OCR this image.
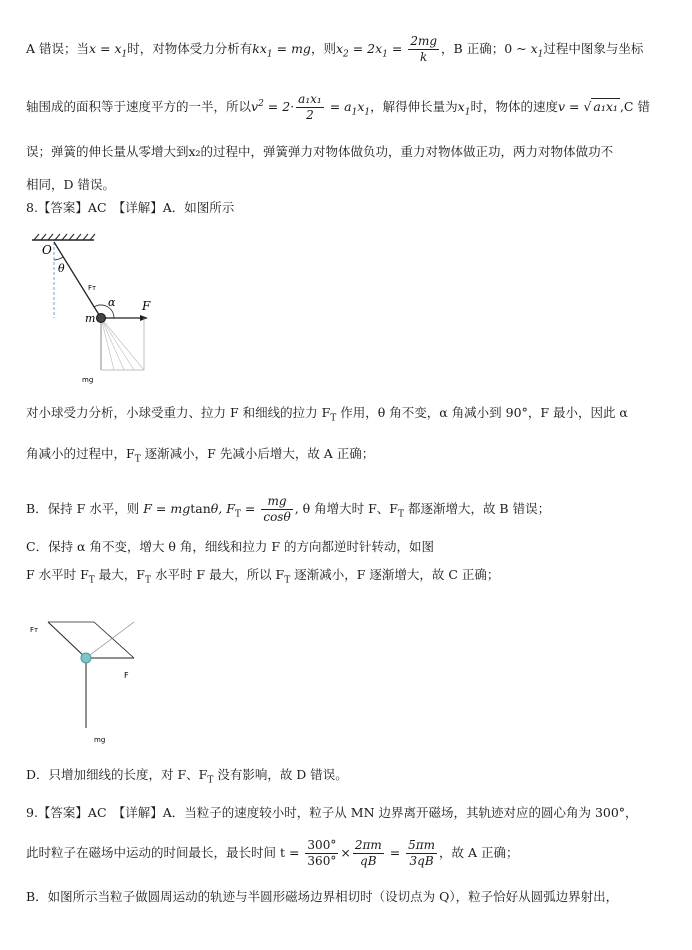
A 错误；当$x = x_1$时，对物体受力分析有$kx_1$ = mg，则$x_2 = 2x_1 = \frac{2mg}{k}$ ，B 正确；0 ~ $x_1$过程中图象与坐标
轴围成的面积等于速度平方的一半，所以$v^2 = 2\cdot \frac{\text{a₁x₁}}{2} = a_1x_1$，解得伸长量为$x_1$时，物体的速度v = √ a₁x₁ ,C 错
误；弹簧的伸长量从零增大到x₂的过程中，弹簧弹力对物体做负功，重力对物体做正功，两力对物体做功不
相同，D 错误。
8.【答案】AC　【详解】A．如图所示
O
θ
Fᴛ
α F
m
mg
对小球受力分析，小球受重力、拉力 F 和细线的拉力 $F_T$ 作用，θ 角不变，α 角减小到 90°，F 最小，因此 α
角减小的过程中，$F_T$ 逐渐减小，F 先减小后增大，故 A 正确；
B．保持 F 水平，则 F = mgtanθ, $F_T = \frac{mg}{\cos\theta}$ , θ 角增大时 F、$F_T$ 都逐渐增大，故 B 错误；
C．保持 α 角不变，增大 θ 角，细线和拉力 F 的方向都逆时针转动，如图
F 水平时 $F_T$ 最大，$F_T$ 水平时 F 最大，所以 $F_T$ 逐渐减小，F 逐渐增大，故 C 正确；
Fᴛ
F
mg
D．只增加细线的长度，对 F、$F_T$ 没有影响，故 D 错误。
9.【答案】AC　【详解】A．当粒子的速度较小时，粒子从 MN 边界离开磁场，其轨迹对应的圆心角为 300°，
此时粒子在磁场中运动的时间最长，最长时间 $t = \frac{300^\circ}{360^\circ} \times \frac{2\pi m}{qB} = \frac{5\pi m}{3qB}$ ，故 A 正确；
B．如图所示当粒子做圆周运动的轨迹与半圆形磁场边界相切时（设切点为 Q），粒子恰好从圆弧边界射出，
